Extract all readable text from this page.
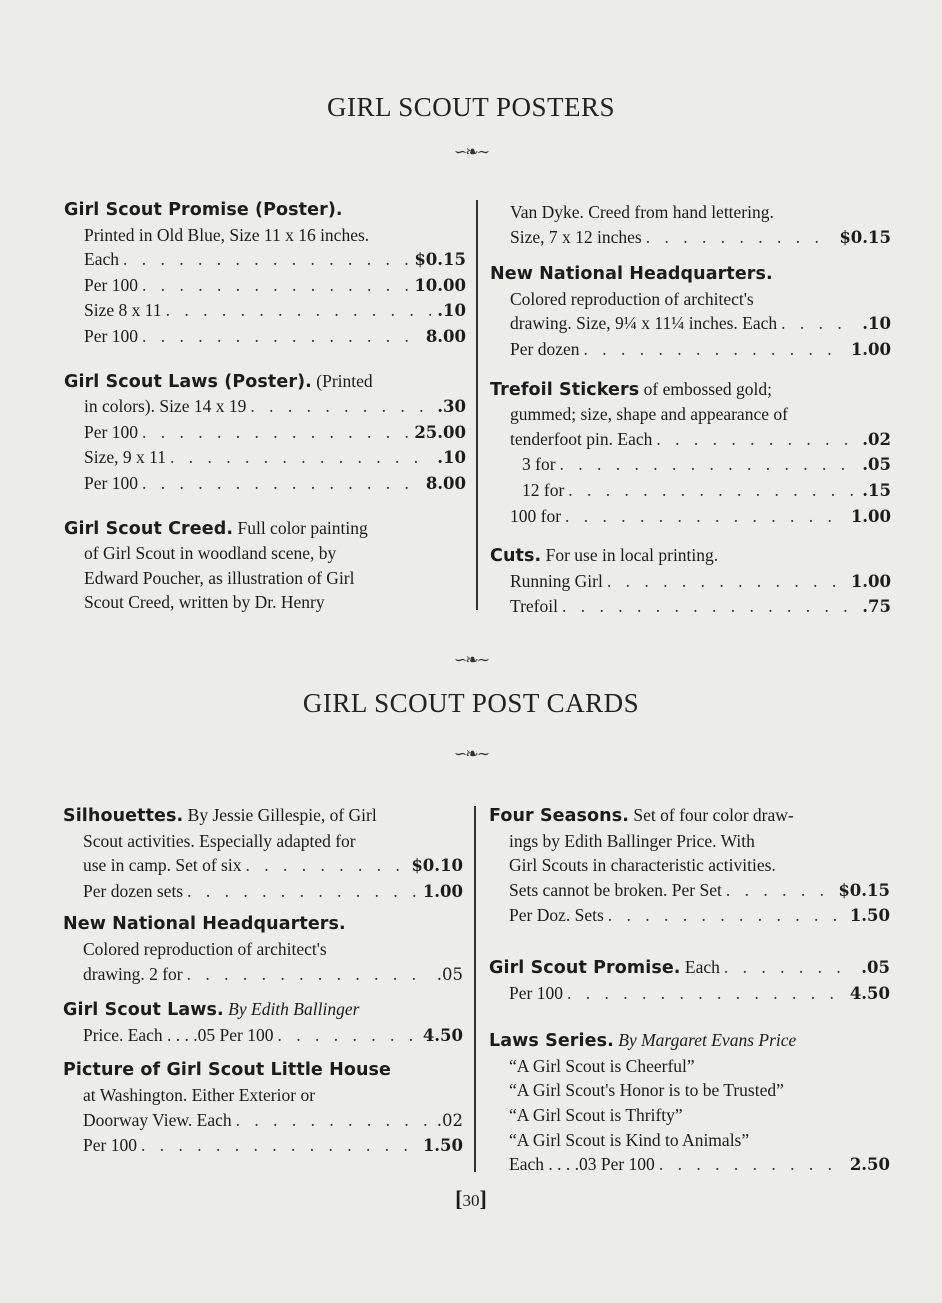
GIRL SCOUT POSTERS
∽❧∼
Girl Scout Promise (Poster).
Printed in Old Blue, Size 11 x 16 inches.
Each . . .	$0.15
Per 100 . . .	10.00
Size 8 x 11 . . .	.10
Per 100 . . .	8.00
Girl Scout Laws (Poster). (Printed
in colors). Size 14 x 19 . . .	.30
Per 100 . . .	25.00
Size, 9 x 11 . . .	.10
Per 100 . . .	8.00
Girl Scout Creed. Full color painting
of Girl Scout in woodland scene, by
Edward Poucher, as illustration of Girl
Scout Creed, written by Dr. Henry
Van Dyke. Creed from hand lettering.
Size, 7 x 12 inches . . .	$0.15
New National Headquarters.
Colored reproduction of architect's
drawing. Size, 9¼ x 11¼ inches. Each . . .	.10
Per dozen . . .	1.00
Trefoil Stickers of embossed gold;
gummed; size, shape and appearance of
tenderfoot pin. Each . . .	.02
3 for . . .	.05
12 for . . .	.15
100 for . . .	1.00
Cuts. For use in local printing.
Running Girl . . .	1.00
Trefoil . . .	.75
∽❧∼
GIRL SCOUT POST CARDS
∽❧∼
Silhouettes. By Jessie Gillespie, of Girl
Scout activities. Especially adapted for
use in camp. Set of six . . .	$0.10
Per dozen sets . . .	1.00
New National Headquarters.
Colored reproduction of architect's
drawing. 2 for . . .	.05
Girl Scout Laws. By Edith Ballinger
Price. Each . . . .05 Per 100 . . .	4.50
Picture of Girl Scout Little House
at Washington. Either Exterior or
Doorway View. Each . . .	.02
Per 100 . . .	1.50
Four Seasons. Set of four color draw-
ings by Edith Ballinger Price. With
Girl Scouts in characteristic activities.
Sets cannot be broken. Per Set . . .	$0.15
Per Doz. Sets . . .	1.50
Girl Scout Promise. Each . . .	.05
Per 100 . . .	4.50
Laws Series. By Margaret Evans Price
“A Girl Scout is Cheerful”
“A Girl Scout's Honor is to be Trusted”
“A Girl Scout is Thrifty”
“A Girl Scout is Kind to Animals”
Each . . . .03 Per 100 . . .	2.50
[30]
